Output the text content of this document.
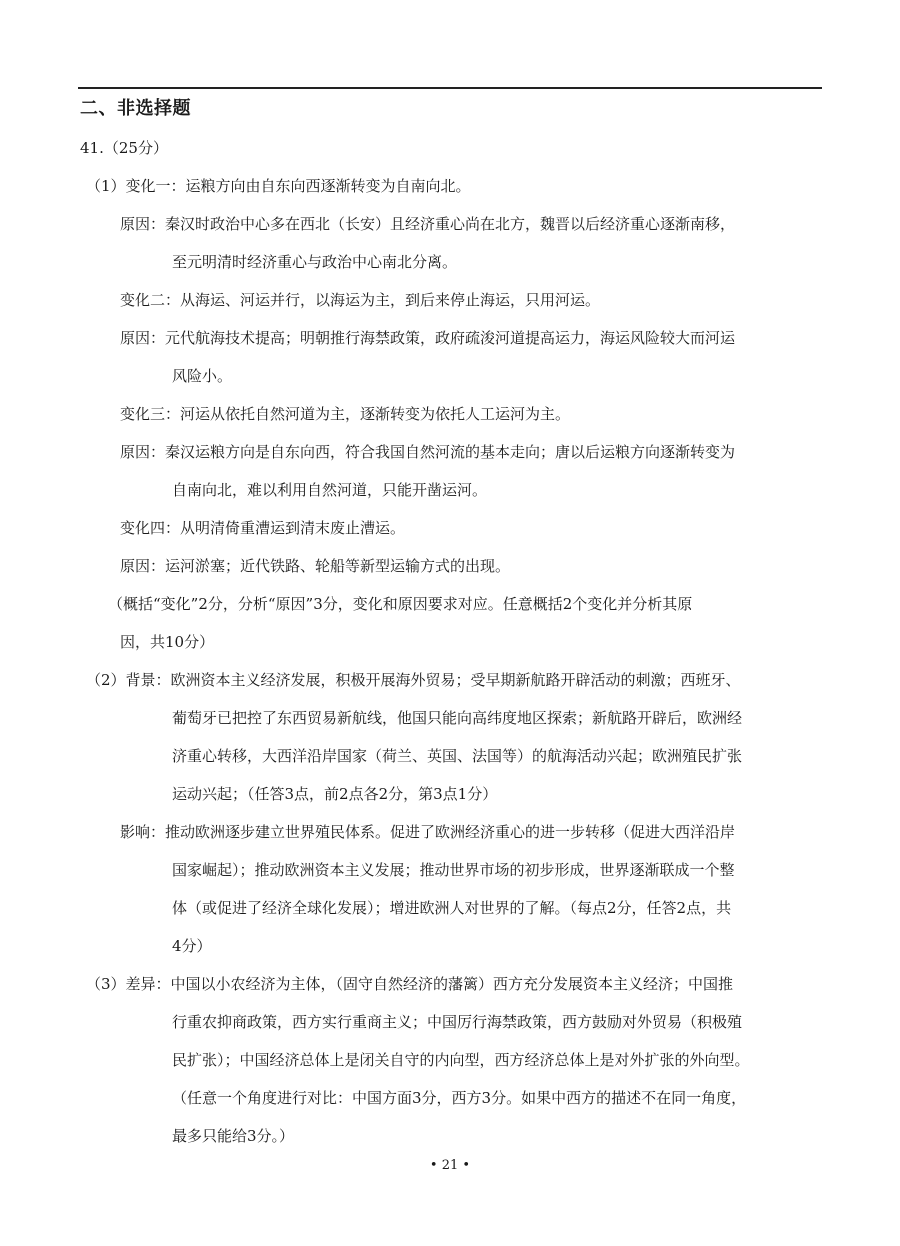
二、非选择题
41.（25分）
（1）变化一：运粮方向由自东向西逐渐转变为自南向北。
原因：秦汉时政治中心多在西北（长安）且经济重心尚在北方，魏晋以后经济重心逐渐南移，
至元明清时经济重心与政治中心南北分离。
变化二：从海运、河运并行，以海运为主，到后来停止海运，只用河运。
原因：元代航海技术提高；明朝推行海禁政策，政府疏浚河道提高运力，海运风险较大而河运
风险小。
变化三：河运从依托自然河道为主，逐渐转变为依托人工运河为主。
原因：秦汉运粮方向是自东向西，符合我国自然河流的基本走向；唐以后运粮方向逐渐转变为
自南向北，难以利用自然河道，只能开凿运河。
变化四：从明清倚重漕运到清末废止漕运。
原因：运河淤塞；近代铁路、轮船等新型运输方式的出现。
（概括“变化”2分，分析“原因”3分，变化和原因要求对应。任意概括2个变化并分析其原
因，共10分）
（2）背景：欧洲资本主义经济发展，积极开展海外贸易；受早期新航路开辟活动的刺激；西班牙、
葡萄牙已把控了东西贸易新航线，他国只能向高纬度地区探索；新航路开辟后，欧洲经
济重心转移，大西洋沿岸国家（荷兰、英国、法国等）的航海活动兴起；欧洲殖民扩张
运动兴起；（任答3点，前2点各2分，第3点1分）
影响：推动欧洲逐步建立世界殖民体系。促进了欧洲经济重心的进一步转移（促进大西洋沿岸
国家崛起）；推动欧洲资本主义发展；推动世界市场的初步形成，世界逐渐联成一个整
体（或促进了经济全球化发展）；增进欧洲人对世界的了解。（每点2分，任答2点，共
4分）
（3）差异：中国以小农经济为主体，（固守自然经济的藩篱）西方充分发展资本主义经济；中国推
行重农抑商政策，西方实行重商主义；中国厉行海禁政策，西方鼓励对外贸易（积极殖
民扩张）；中国经济总体上是闭关自守的内向型，西方经济总体上是对外扩张的外向型。
（任意一个角度进行对比：中国方面3分，西方3分。如果中西方的描述不在同一角度，
最多只能给3分。）
• 21 •
